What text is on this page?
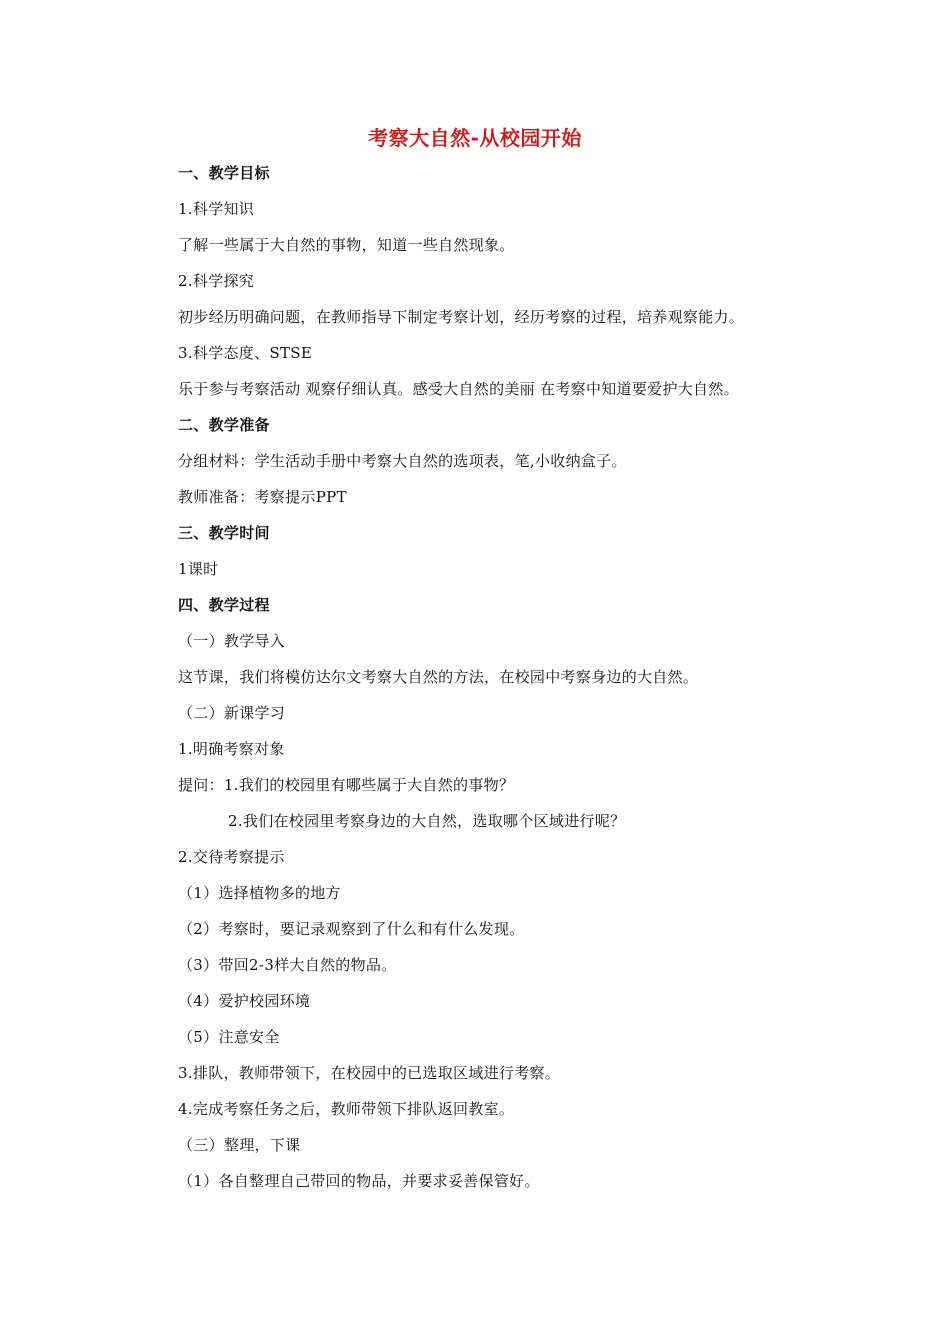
考察大自然-从校园开始
一、教学目标
1.科学知识
了解一些属于大自然的事物，知道一些自然现象。
2.科学探究
初步经历明确问题，在教师指导下制定考察计划，经历考察的过程，培养观察能力。
3.科学态度、STSE
乐于参与考察活动 观察仔细认真。感受大自然的美丽 在考察中知道要爱护大自然。
二、教学准备
分组材料：学生活动手册中考察大自然的选项表，笔,小收纳盒子。
教师准备：考察提示PPT
三、教学时间
1课时
四、教学过程
（一）教学导入
这节课，我们将模仿达尔文考察大自然的方法，在校园中考察身边的大自然。
（二）新课学习
1.明确考察对象
提问：1.我们的校园里有哪些属于大自然的事物？
2.我们在校园里考察身边的大自然，选取哪个区域进行呢？
2.交待考察提示
（1）选择植物多的地方
（2）考察时，要记录观察到了什么和有什么发现。
（3）带回2-3样大自然的物品。
（4）爱护校园环境
（5）注意安全
3.排队，教师带领下，在校园中的已选取区域进行考察。
4.完成考察任务之后，教师带领下排队返回教室。
（三）整理，下课
（1）各自整理自己带回的物品，并要求妥善保管好。
